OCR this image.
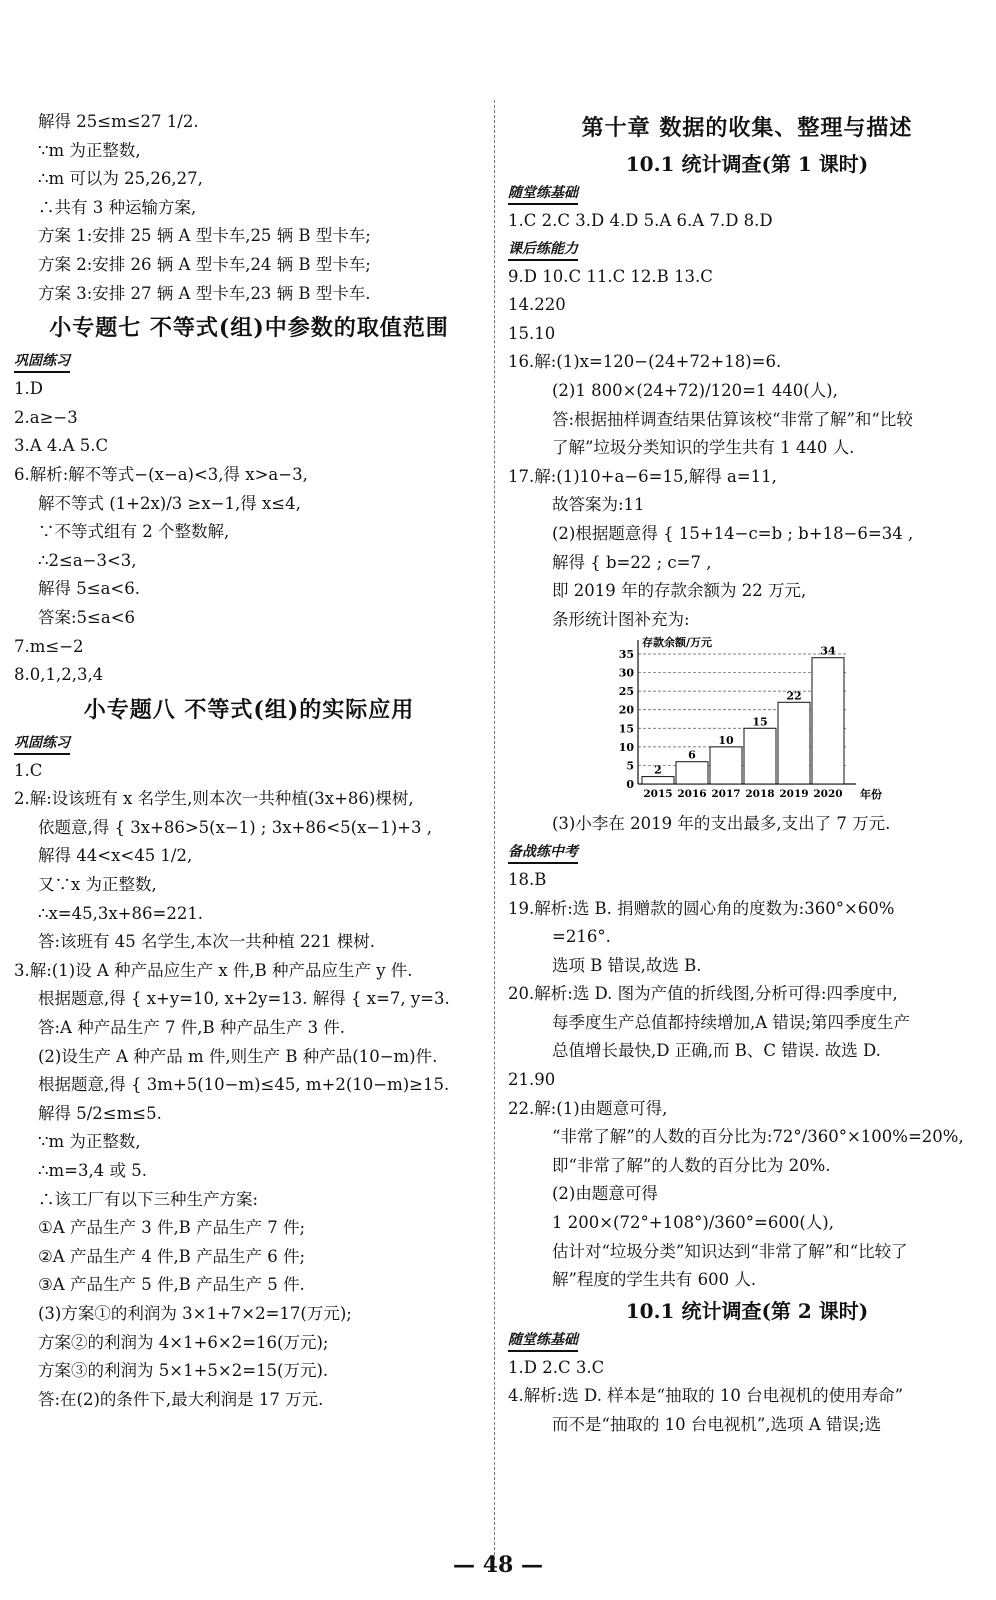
解得 25≤m≤27 1/2.
∵m 为正整数,
∴m 可以为 25,26,27,
∴共有 3 种运输方案,
方案 1:安排 25 辆 A 型卡车,25 辆 B 型卡车;
方案 2:安排 26 辆 A 型卡车,24 辆 B 型卡车;
方案 3:安排 27 辆 A 型卡车,23 辆 B 型卡车.
小专题七 不等式(组)中参数的取值范围
巩固练习
1.D
2.a≥−3
3.A 4.A 5.C
6.解析:解不等式−(x−a)<3,得 x>a−3,
解不等式 (1+2x)/3 ≥x−1,得 x≤4,
∵不等式组有 2 个整数解,
∴2≤a−3<3,
解得 5≤a<6.
答案:5≤a<6
7.m≤−2
8.0,1,2,3,4
小专题八 不等式(组)的实际应用
巩固练习
1.C
2.解:设该班有 x 名学生,则本次一共种植(3x+86)棵树,
依题意,得 { 3x+86>5(x−1) ; 3x+86<5(x−1)+3 ,
解得 44<x<45 1/2,
又∵x 为正整数,
∴x=45,3x+86=221.
答:该班有 45 名学生,本次一共种植 221 棵树.
3.解:(1)设 A 种产品应生产 x 件,B 种产品应生产 y 件.
根据题意,得 { x+y=10, x+2y=13. 解得 { x=7, y=3.
答:A 种产品生产 7 件,B 种产品生产 3 件.
(2)设生产 A 种产品 m 件,则生产 B 种产品(10−m)件.
根据题意,得 { 3m+5(10−m)≤45, m+2(10−m)≥15.
解得 5/2≤m≤5.
∵m 为正整数,
∴m=3,4 或 5.
∴该工厂有以下三种生产方案:
①A 产品生产 3 件,B 产品生产 7 件;
②A 产品生产 4 件,B 产品生产 6 件;
③A 产品生产 5 件,B 产品生产 5 件.
(3)方案①的利润为 3×1+7×2=17(万元);
方案②的利润为 4×1+6×2=16(万元);
方案③的利润为 5×1+5×2=15(万元).
答:在(2)的条件下,最大利润是 17 万元.
第十章 数据的收集、整理与描述
10.1 统计调查(第 1 课时)
随堂练基础
1.C 2.C 3.D 4.D 5.A 6.A 7.D 8.D
课后练能力
9.D 10.C 11.C 12.B 13.C
14.220
15.10
16.解:(1)x=120−(24+72+18)=6.
(2)1 800×(24+72)/120=1 440(人),
答:根据抽样调查结果估算该校“非常了解”和“比较
了解”垃圾分类知识的学生共有 1 440 人.
17.解:(1)10+a−6=15,解得 a=11,
故答案为:11
(2)根据题意得 { 15+14−c=b ; b+18−6=34 ,
解得 { b=22 ; c=7 ,
即 2019 年的存款余额为 22 万元,
条形统计图补充为:
0
5
10
15
20
25
30
35
存款余额/万元
年份
2
2015
6
2016
10
2017
15
2018
22
2019
34
2020
(3)小李在 2019 年的支出最多,支出了 7 万元.
备战练中考
18.B
19.解析:选 B. 捐赠款的圆心角的度数为:360°×60%
=216°.
选项 B 错误,故选 B.
20.解析:选 D. 图为产值的折线图,分析可得:四季度中,
每季度生产总值都持续增加,A 错误;第四季度生产
总值增长最快,D 正确,而 B、C 错误. 故选 D.
21.90
22.解:(1)由题意可得,
“非常了解”的人数的百分比为:72°/360°×100%=20%,
即“非常了解”的人数的百分比为 20%.
(2)由题意可得
1 200×(72°+108°)/360°=600(人),
估计对“垃圾分类”知识达到“非常了解”和“比较了
解”程度的学生共有 600 人.
10.1 统计调查(第 2 课时)
随堂练基础
1.D 2.C 3.C
4.解析:选 D. 样本是“抽取的 10 台电视机的使用寿命”
而不是“抽取的 10 台电视机”,选项 A 错误;选
— 48 —
